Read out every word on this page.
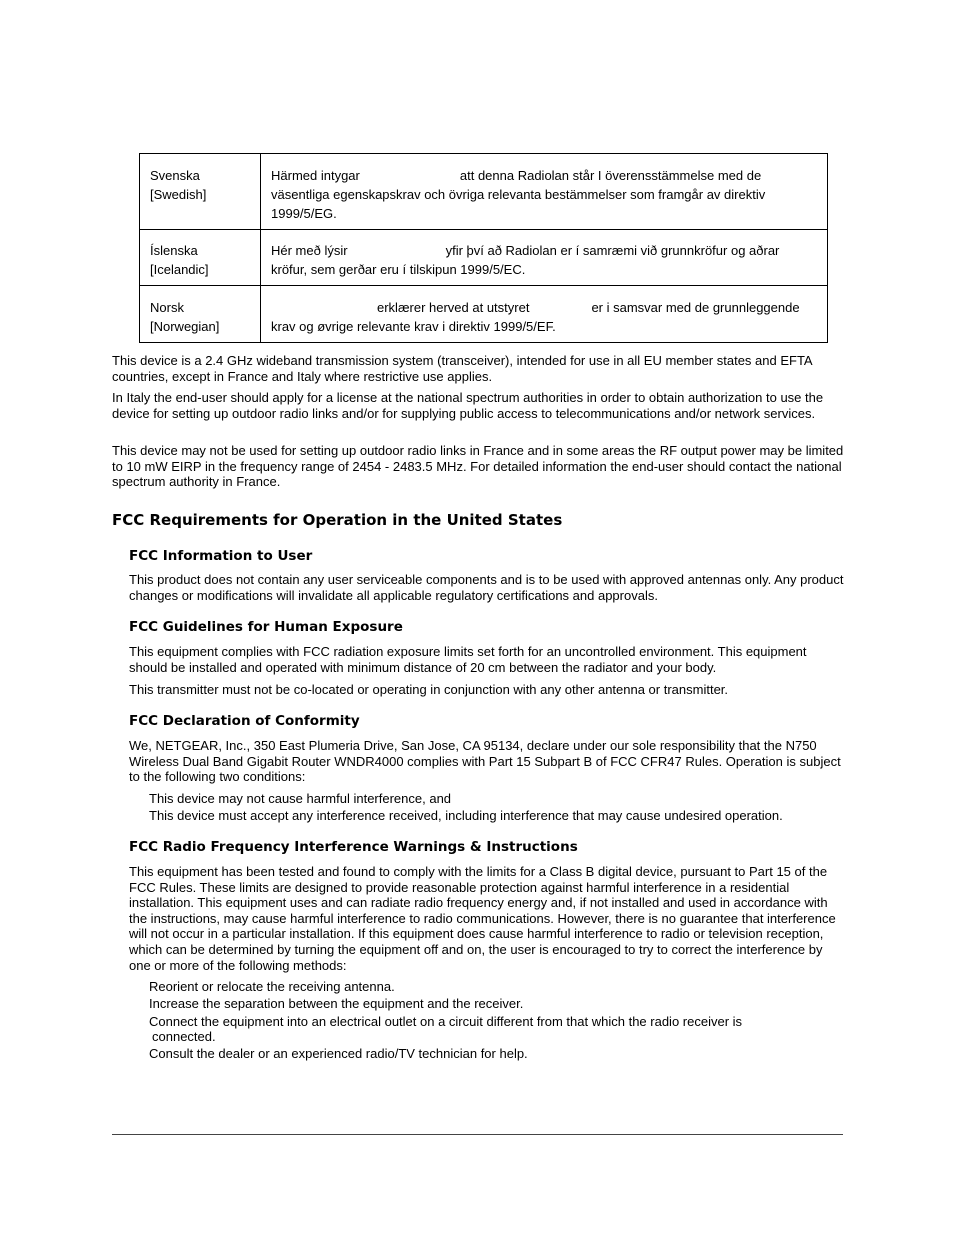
Svenska
[Swedish]	Härmed intygar att denna Radiolan står I överensstämmelse med de
väsentliga egenskapskrav och övriga relevanta bestämmelser som framgår av direktiv
1999/5/EG.
Íslenska
[Icelandic]	Hér með lýsir yfir því að Radiolan er í samræmi við grunnkröfur og aðrar
kröfur, sem gerðar eru í tilskipun 1999/5/EC.
Norsk
[Norwegian]	erklærer herved at utstyret er i samsvar med de grunnleggende
krav og øvrige relevante krav i direktiv 1999/5/EF.

This device is a 2.4 GHz wideband transmission system (transceiver), intended for use in all EU member states and EFTA countries, except in France and Italy where restrictive use applies.

In Italy the end-user should apply for a license at the national spectrum authorities in order to obtain authorization to use the device for setting up outdoor radio links and/or for supplying public access to telecommunications and/or network services.

This device may not be used for setting up outdoor radio links in France and in some areas the RF output power may be limited to 10 mW EIRP in the frequency range of 2454 - 2483.5 MHz. For detailed information the end-user should contact the national spectrum authority in France.

FCC Requirements for Operation in the United States
FCC Information to User

This product does not contain any user serviceable components and is to be used with approved antennas only. Any product changes or modifications will invalidate all applicable regulatory certifications and approvals.

FCC Guidelines for Human Exposure

This equipment complies with FCC radiation exposure limits set forth for an uncontrolled environment. This equipment should be installed and operated with minimum distance of 20 cm between the radiator and your body.

This transmitter must not be co-located or operating in conjunction with any other antenna or transmitter.

FCC Declaration of Conformity

We, NETGEAR, Inc., 350 East Plumeria Drive, San Jose, CA 95134, declare under our sole responsibility that the N750 Wireless Dual Band Gigabit Router WNDR4000 complies with Part 15 Subpart B of FCC CFR47 Rules. Operation is subject to the following two conditions:

This device may not cause harmful interference, and

This device must accept any interference received, including interference that may cause undesired operation.

FCC Radio Frequency Interference Warnings & Instructions

This equipment has been tested and found to comply with the limits for a Class B digital device, pursuant to Part 15 of the FCC Rules. These limits are designed to provide reasonable protection against harmful interference in a residential installation. This equipment uses and can radiate radio frequency energy and, if not installed and used in accordance with the instructions, may cause harmful interference to radio communications. However, there is no guarantee that interference will not occur in a particular installation. If this equipment does cause harmful interference to radio or television reception, which can be determined by turning the equipment off and on, the user is encouraged to try to correct the interference by one or more of the following methods:

Reorient or relocate the receiving antenna.

Increase the separation between the equipment and the receiver.

Connect the equipment into an electrical outlet on a circuit different from that which the radio receiver is

connected.

Consult the dealer or an experienced radio/TV technician for help.
